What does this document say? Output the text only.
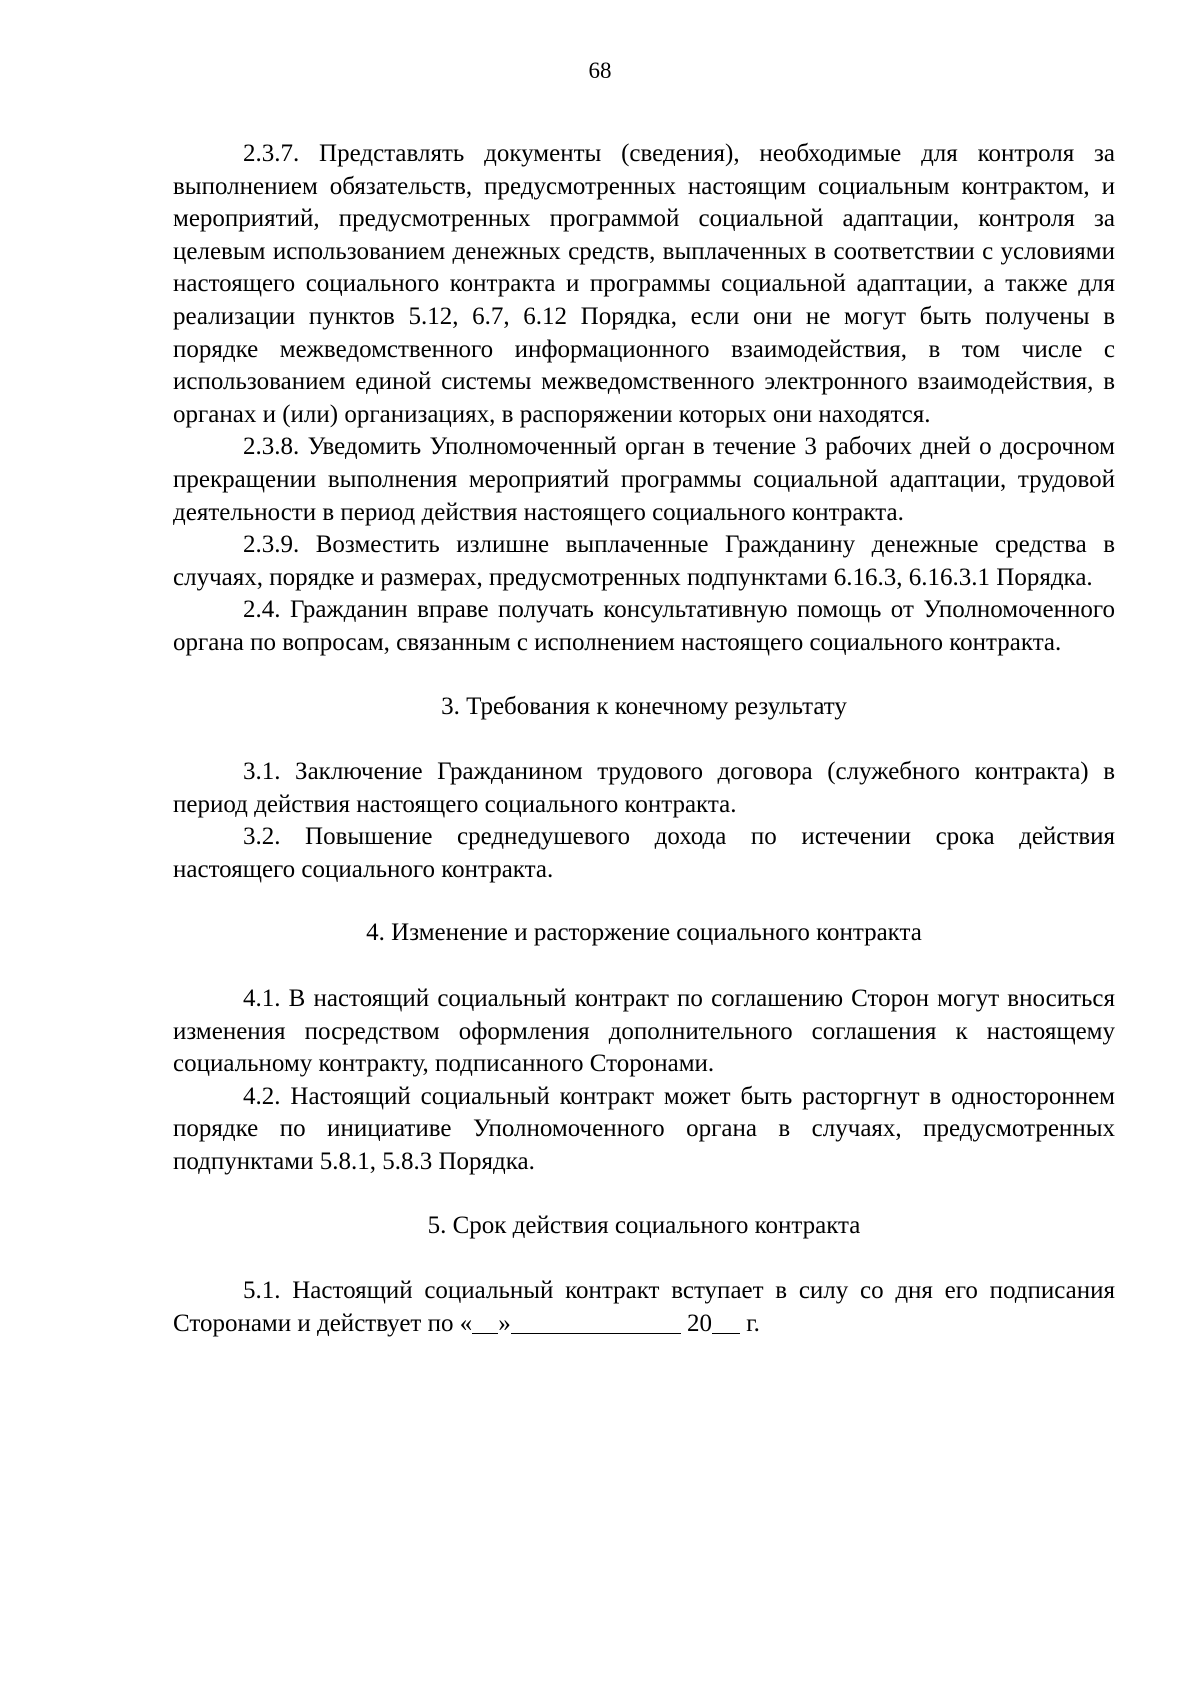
68

2.3.7. Представлять документы (сведения), необходимые для контроля за выполнением обязательств, предусмотренных настоящим социальным контрактом, и мероприятий, предусмотренных программой социальной адаптации, контроля за целевым использованием денежных средств, выплаченных в соответствии с условиями настоящего социального контракта и программы социальной адаптации, а также для реализации пунктов 5.12, 6.7, 6.12 Порядка, если они не могут быть получены в порядке межведомственного информационного взаимодействия, в том числе с использованием единой системы межведомственного электронного взаимодействия, в органах и (или) организациях, в распоряжении которых они находятся.

2.3.8. Уведомить Уполномоченный орган в течение 3 рабочих дней о досрочном прекращении выполнения мероприятий программы социальной адаптации, трудовой деятельности в период действия настоящего социального контракта.

2.3.9. Возместить излишне выплаченные Гражданину денежные средства в случаях, порядке и размерах, предусмотренных подпунктами 6.16.3, 6.16.3.1 Порядка.

2.4. Гражданин вправе получать консультативную помощь от Уполномоченного органа по вопросам, связанным с исполнением настоящего социального контракта.

3. Требования к конечному результату

3.1. Заключение Гражданином трудового договора (служебного контракта) в период действия настоящего социального контракта.

3.2. Повышение среднедушевого дохода по истечении срока действия настоящего социального контракта.

4. Изменение и расторжение социального контракта

4.1. В настоящий социальный контракт по соглашению Сторон могут вноситься изменения посредством оформления дополнительного соглашения к настоящему социальному контракту, подписанного Сторонами.

4.2. Настоящий социальный контракт может быть расторгнут в одностороннем порядке по инициативе Уполномоченного органа в случаях, предусмотренных подпунктами 5.8.1, 5.8.3 Порядка.

5. Срок действия социального контракта

5.1. Настоящий социальный контракт вступает в силу со дня его подписания Сторонами и действует по « »	20 г.
